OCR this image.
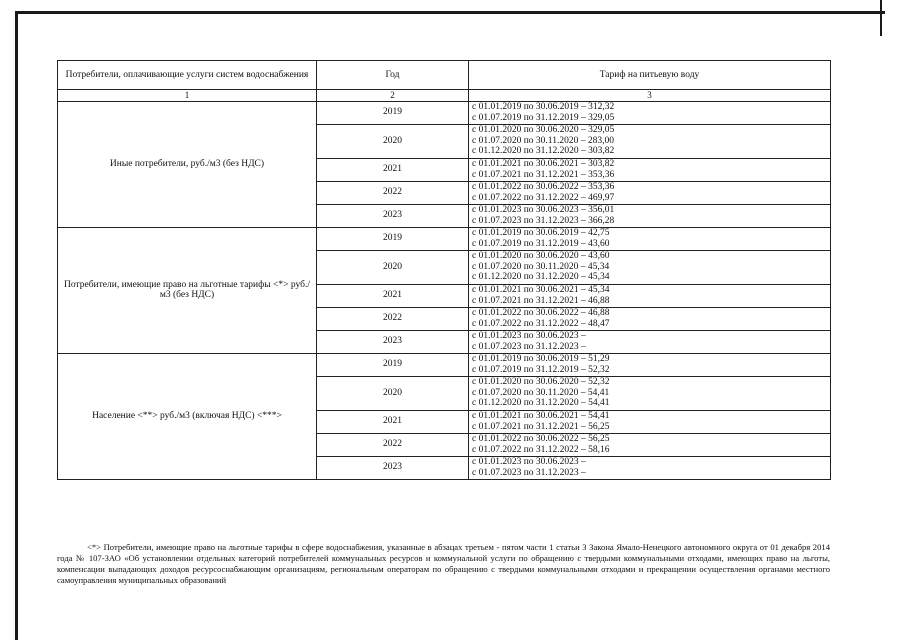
Потребители, оплачивающие услуги систем водоснабжения	Год	Тариф на питьевую воду
1	2	3
Иные потребители, руб./м3 (без НДС)	2019	с 01.01.2019 по 30.06.2019 – 312,32
с 01.07.2019 по 31.12.2019 – 329,05

	2020	с 01.01.2020 по 30.06.2020 – 329,05
с 01.07.2020 по 30.11.2020 – 283,00
с 01.12.2020 по 31.12.2020 – 303,82

	2021	с 01.01.2021 по 30.06.2021 – 303,82
с 01.07.2021 по 31.12.2021 – 353,36

	2022	с 01.01.2022 по 30.06.2022 – 353,36
с 01.07.2022 по 31.12.2022 – 469,97

	2023	с 01.01.2023 по 30.06.2023 – 356,01
с 01.07.2023 по 31.12.2023 – 366,28

Потребители, имеющие право на льготные тарифы <*> руб./м3 (без НДС)	2019	с 01.01.2019 по 30.06.2019 – 42,75
с 01.07.2019 по 31.12.2019 – 43,60

	2020	с 01.01.2020 по 30.06.2020 – 43,60
с 01.07.2020 по 30.11.2020 – 45,34
с 01.12.2020 по 31.12.2020 – 45,34

	2021	с 01.01.2021 по 30.06.2021 – 45,34
с 01.07.2021 по 31.12.2021 – 46,88

	2022	с 01.01.2022 по 30.06.2022 – 46,88
с 01.07.2022 по 31.12.2022 – 48,47

	2023	с 01.01.2023 по 30.06.2023 –
с 01.07.2023 по 31.12.2023 –

Население <**> руб./м3 (включая НДС) <***>	2019	с 01.01.2019 по 30.06.2019 – 51,29
с 01.07.2019 по 31.12.2019 – 52,32

	2020	с 01.01.2020 по 30.06.2020 – 52,32
с 01.07.2020 по 30.11.2020 – 54,41
с 01.12.2020 по 31.12.2020 – 54,41

	2021	с 01.01.2021 по 30.06.2021 – 54,41
с 01.07.2021 по 31.12.2021 – 56,25

	2022	с 01.01.2022 по 30.06.2022 – 56,25
с 01.07.2022 по 31.12.2022 – 58,16

	2023	с 01.01.2023 по 30.06.2023 –
с 01.07.2023 по 31.12.2023 –

<*> Потребители, имеющие право на льготные тарифы в сфере водоснабжения, указанные в абзацах третьем - пятом части 1 статьи 3 Закона Ямало-Ненецкого автономного округа от 01 декабря 2014 года № 107-ЗАО «Об установлении отдельных категорий потребителей коммунальных ресурсов и коммунальной услуги по обращению с твердыми коммунальными отходами, имеющих право на льготы, компенсации выпадающих доходов ресурсоснабжающим организациям, региональным операторам по обращению с твердыми коммунальными отходами и прекращении осуществления органами местного самоуправления муниципальных образований
